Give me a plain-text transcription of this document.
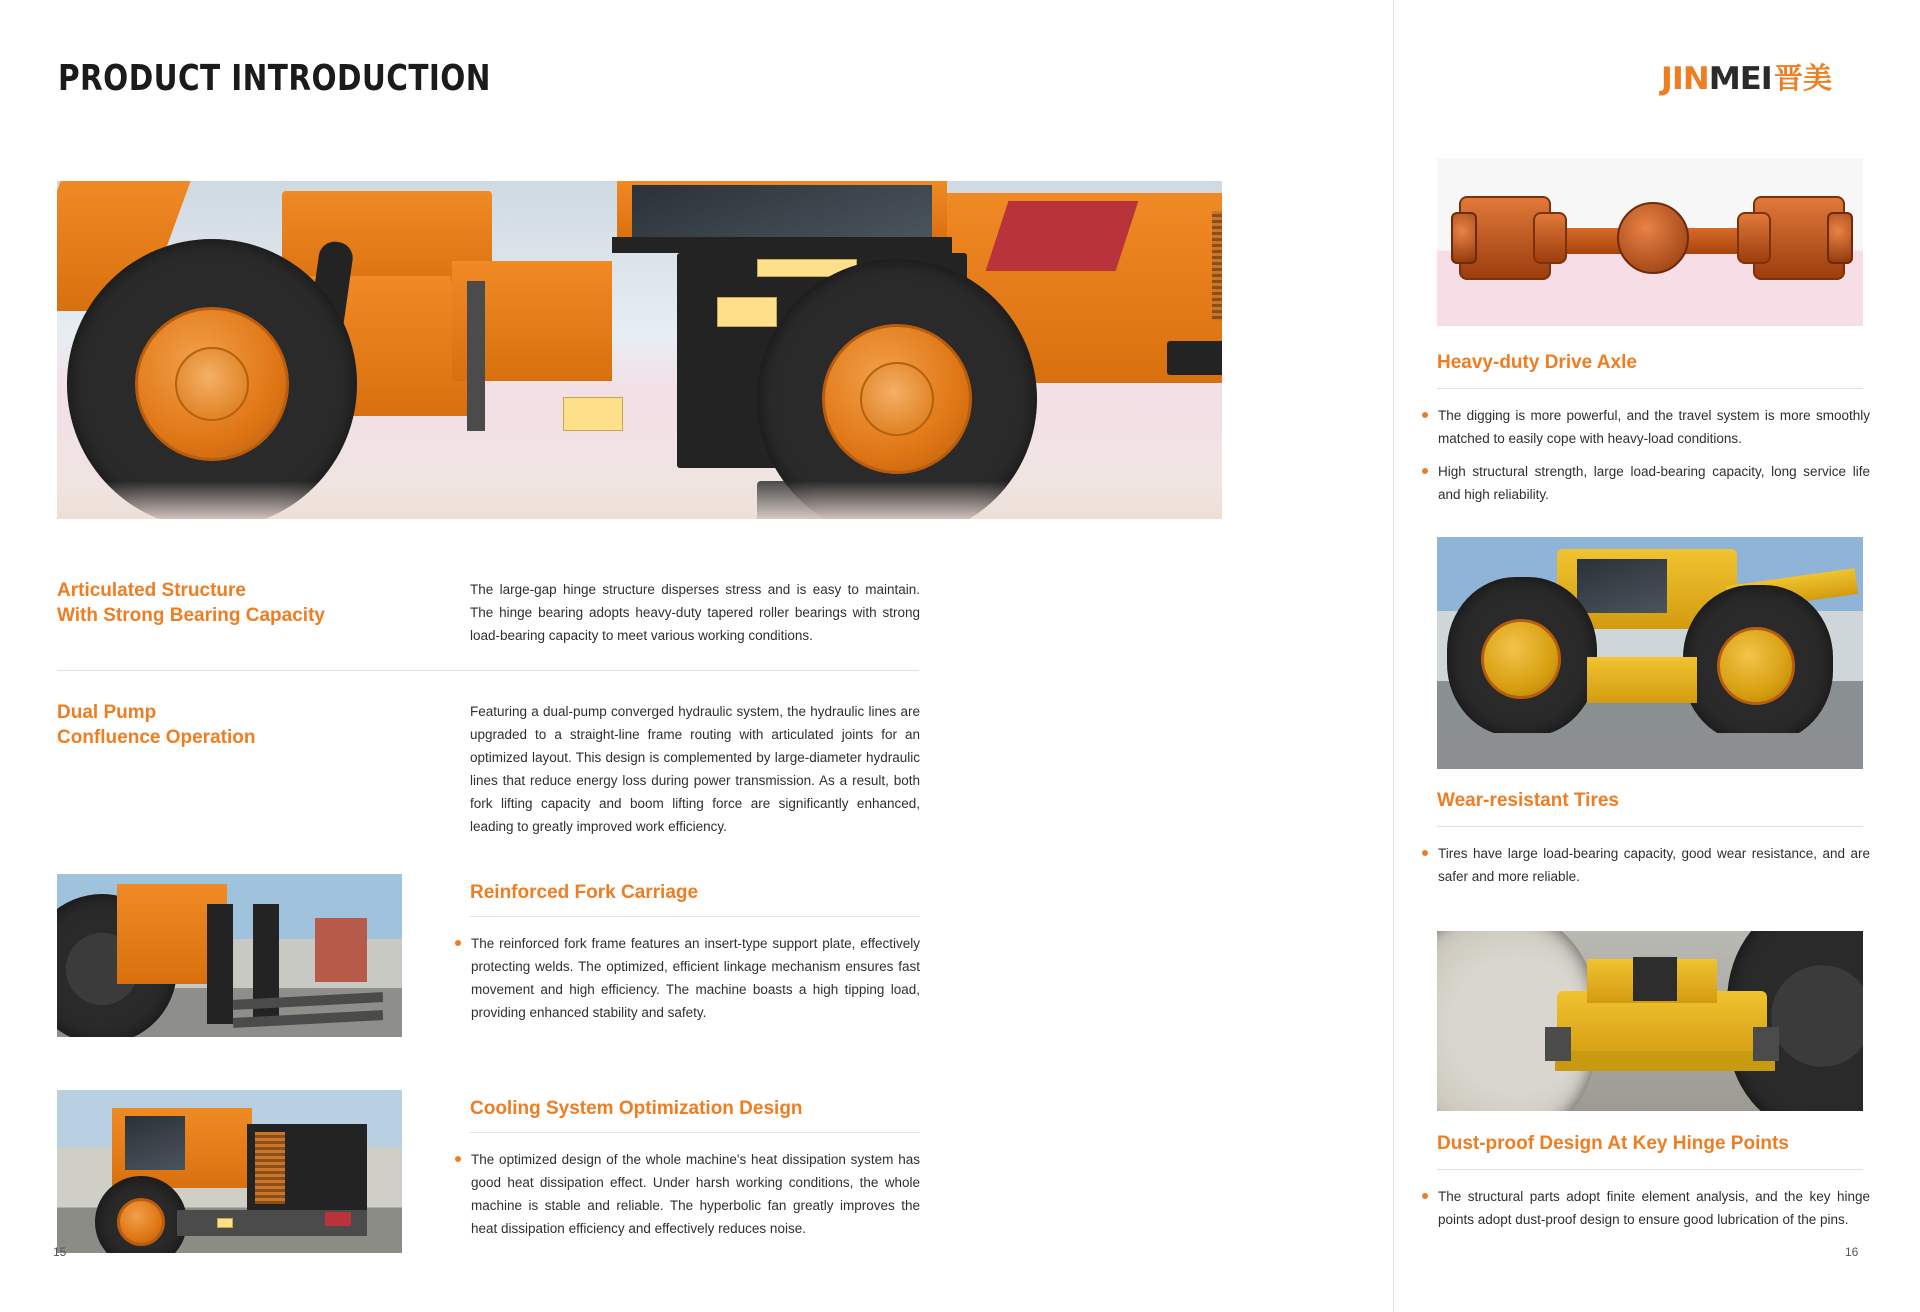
PRODUCT INTRODUCTION	JINMEI 晋美
Articulated Structure
With Strong Bearing Capacity
The large-gap hinge structure disperses stress and is easy to maintain. The hinge bearing adopts heavy-duty tapered roller bearings with strong load-bearing capacity to meet various working conditions.
Dual Pump
Confluence Operation
Featuring a dual-pump converged hydraulic system, the hydraulic lines are upgraded to a straight-line frame routing with articulated joints for an optimized layout. This design is complemented by large-diameter hydraulic lines that reduce energy loss during power transmission. As a result, both fork lifting capacity and boom lifting force are significantly enhanced, leading to greatly improved work efficiency.
Reinforced Fork Carriage
The reinforced fork frame features an insert-type support plate, effectively protecting welds. The optimized, efficient linkage mechanism ensures fast movement and high efficiency. The machine boasts a high tipping load, providing enhanced stability and safety.
Cooling System Optimization Design
The optimized design of the whole machine's heat dissipation system has good heat dissipation effect. Under harsh working conditions, the whole machine is stable and reliable. The hyperbolic fan greatly improves the heat dissipation efficiency and effectively reduces noise.
15
Heavy-duty Drive Axle
The digging is more powerful, and the travel system is more smoothly matched to easily cope with heavy-load conditions.
High structural strength, large load-bearing capacity, long service life and high reliability.
Wear-resistant Tires
Tires have large load-bearing capacity, good wear resistance, and are safer and more reliable.
Dust-proof Design At Key Hinge Points
The structural parts adopt finite element analysis, and the key hinge points adopt dust-proof design to ensure good lubrication of the pins.
16
